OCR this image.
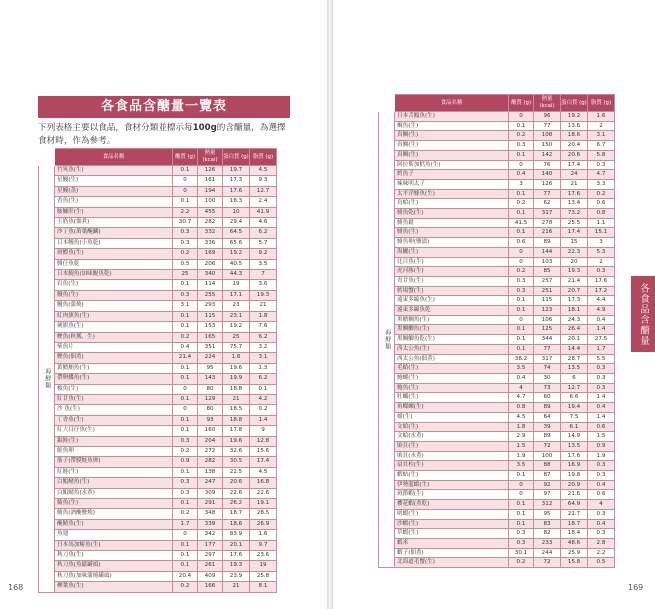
各食品含醣量一覽表
下列表格主要以食品，食材分類並標示每100g的含醣量，為選擇食材時，作為參考。
	食品名稱	醣質 (g)	熱量 (kcal)	蛋白質 (g)	脂質 (g)
海鮮類	竹筴魚(生)	0.1	126	19.7	4.5
	星鰻(生)	0	161	17.3	9.3
	星鰻(蒸)	0	194	17.6	12.7
	香魚(生)	0.1	100	18.3	2.4
	鮟鱇肝(生)	2.2	455	10	41.9
	玉筋魚(佃煮)	30.7	282	29.4	4.6
	沙丁魚(萬葉醃鱗)	0.3	332	64.5	6.2
	日本鰻魚(小魚乾)	0.3	336	65.6	5.7
	斑鰶魚(生)	0.2	169	19.2	9.2
	鯡仔魚乾	0.5	206	40.5	3.5
	日本鯷魚(加味鯷魚乾)	25	340	44.3	7
	岩魚(生)	0.1	114	19	3.6
	鰻魚(生)	0.3	255	17.1	19.3
	鰻魚(蒲燒)	3.1	293	23	21
	紅肉旗魚(生)	0.1	115	23.1	1.8
	劍旗魚(生)	0.1	153	19.2	7.6
	鰹魚(秋獲、生)	0.2	165	25	6.2
	柴魚片	0.4	351	75.7	3.2
	鰹魚(佃煮)	21.4	224	1.6	3.1
	黃鰭鮪魚(生)	0.1	95	19.6	1.3
	帶卵鰈魚(生)	0.1	143	19.9	6.2
	梭魚(生)	0	80	18.8	0.1
	紅甘魚(生)	0.1	129	21	4.2
	沙 魚(生)	0	80	18.5	0.2
	丁香魚(生)	0.1	93	18.8	1.4
	紅大目仔魚(生)	0.1	160	17.8	9
	銀鮭(生)	0.3	204	19.6	12.8
	鮭魚卵	0.2	272	32.6	15.6
	筋子(帶膜鮭魚卵)	0.9	282	30.5	17.4
	紅鮭(生)	0.1	138	22.5	4.5
	白鯧鯖魚(生)	0.3	247	20.6	16.8
	白鯧鯖魚(水煮)	0.3	309	22.6	22.6
	鰆魚(生)	0.1	291	26.2	19.1
	鯖魚(酒醃鹽燒)	0.2	348	18.7	28.5
	醃鯖魚(生)	1.7	339	18.6	26.9
	魚翅	0	342	83.9	1.6
	日本馬加鰆魚(生)	0.1	177	20.1	9.7
	秋刀魚(生)	0.1	297	17.6	23.6
	秋刀魚(魚鬆罐頭)	0.1	261	19.3	19
	秋刀魚(加味蒲燒罐頭)	20.4	409	23.9	25.8
	柳葉魚(生)	0.2	166	21	8.1
	食品名稱	醣質 (g)	熱量 (kcal)	蛋白質 (g)	脂質 (g)
海鮮類	日本舌鰨魚(生)	0	96	19.2	1.6
	鯛魚(生)	0.1	77	13.6	2
	真鯛(生)	0.2	108	18.6	3.1
	真鯛(生)	0.3	150	20.4	6.7
	真鯛(生)	0.1	142	20.6	5.8
	阿拉斯加鱈魚(生)	0	76	17.4	0.3
	鱈魚子	0.4	140	24	4.7
	辣味明太子	3	126	21	3.3
	太平洋鯡魚(生)	0.1	77	17.6	0.2
	鳥蛤(生)	0.2	62	13.4	0.6
	鯡魚乾(生)	0.1	317	73.2	0.8
	鯡魚鬆	41.5	278	25.5	1.1
	鯡魚(生)	0.1	216	17.4	15.1
	鯡魚卵(鹽漬)	0.6	89	15	3
	海鱺(生)	0	144	22.3	5.3
	比目魚(生)	0	103	20	2
	虎河豚(生)	0.2	85	19.3	0.3
	青甘魚(生)	0.3	257	21.4	17.6
	鱈場蟹(生)	0.3	251	20.7	17.2
	遠東多線魚(生)	0.1	115	17.3	4.4
	遠東多線魚乾	0.1	123	18.1	4.9
	黑鰭鯛魚(生)	0	106	24.3	0.4
	黑鯛鯽魚(生)	0.1	125	26.4	1.4
	黑鯛鯽魚乾(生)	0.1	344	20.1	27.5
	西太公魚(生)	0.1	77	14.4	1.7
	西太公魚(佃煮)	38.2	317	28.7	5.5
	毛蛤(生)	3.5	74	13.5	0.3
	鮑螺(生)	0.4	30	6	0.3
	鮑魚(生)	4	73	12.7	0.3
	牡蠣(生)	4.7	60	6.6	1.4
	角蠑螺(生)	0.8	89	19.4	0.4
	蚶(生)	4.5	64	7.5	1.4
	文蛤(生)	1.8	39	6.1	0.6
	文蛤(水煮)	2.9	89	14.9	1.5
	貽貝(生)	1.5	72	13.5	0.9
	貽貝(水煮)	1.9	100	17.6	1.9
	扇貝柱(生)	3.5	88	16.9	0.3
	蝦蛄(生)	0.1	87	19.8	0.3
	伊勢龍蝦(生)	0	92	20.9	0.4
	斑節蝦(生)	0	97	21.6	0.6
	櫻花蝦(煮乾)	0.1	312	64.9	4
	明蝦(生)	0.1	95	21.7	0.3
	沙蝦(生)	0.1	83	18.7	0.4
	草蝦(生)	0.3	82	18.4	0.3
	蝦米	0.3	233	48.6	2.8
	蝦子(佃煮)	30.1	244	25.9	2.2
	北海道毛蟹(生)	0.2	72	15.8	0.5
各食品含醣量
168	169
